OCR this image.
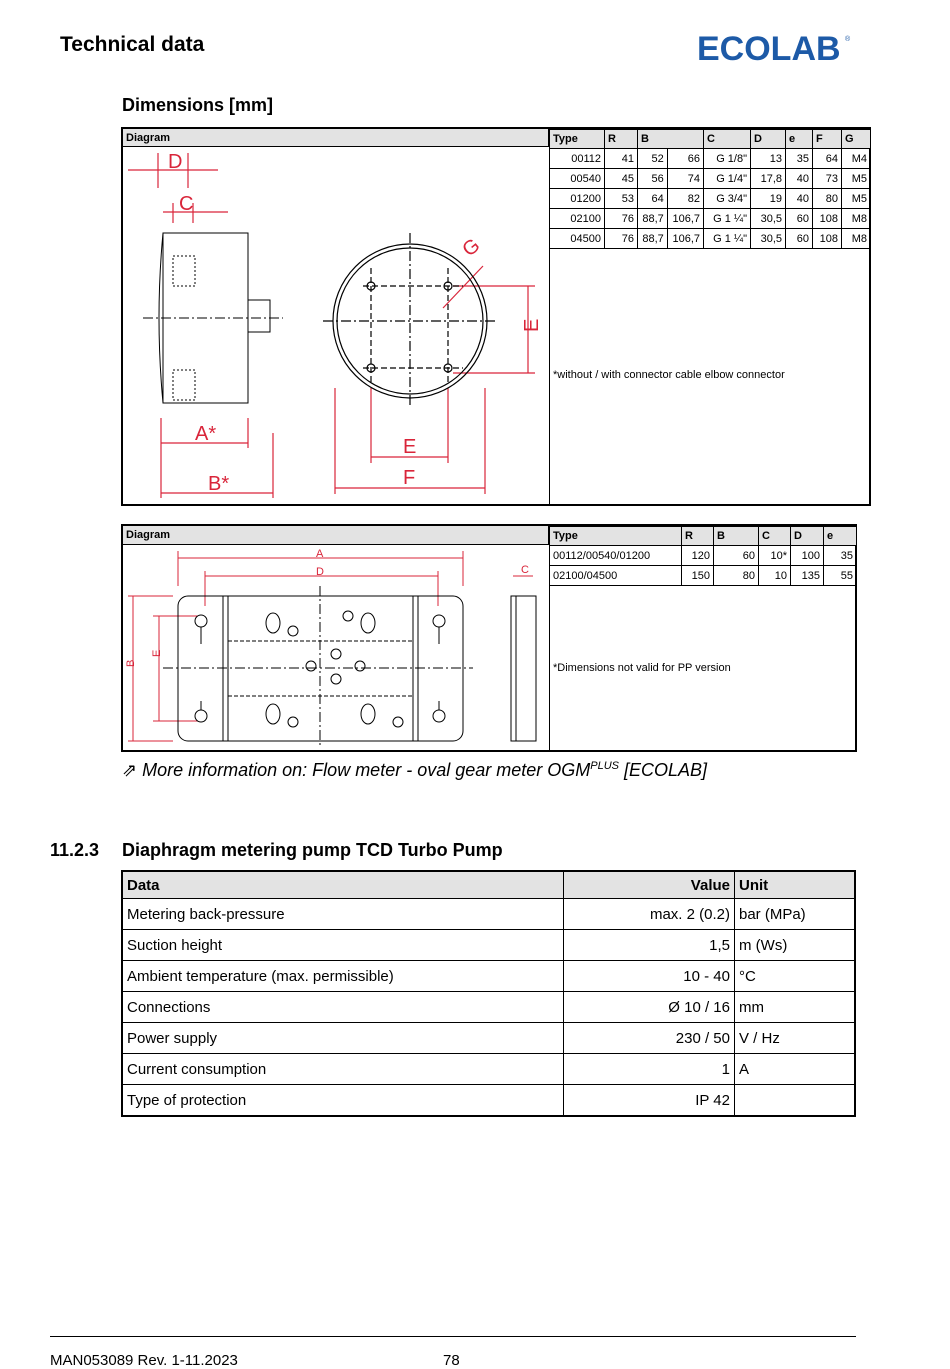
Technical data	ECOLAB ®
Dimensions [mm]
Diagram
D
C
A*
B*
E
F
G
E
Type	R	B		C	D	e	F	G
00112	41	52	66	G 1/8"	13	35	64	M4
00540	45	56	74	G 1/4"	17,8	40	73	M5
01200	53	64	82	G 3/4"	19	40	80	M5
02100	76	88,7	106,7	G 1 ¼"	30,5	60	108	M8
04500	76	88,7	106,7	G 1 ¼"	30,5	60	108	M8
*without / with connector cable elbow connector
Diagram
A
D	C
B
E
Type	R	B	C	D	e
00112/00540/01200	120	60	10*	100	35
02100/04500	150	80	10	135	55
*Dimensions not valid for PP version
⇗ More information on: Flow meter - oval gear meter $OGM^{PLUS}$ [ECOLAB]
11.2.3 Diaphragm metering pump TCD Turbo Pump
Data	Value	Unit
Metering back-pressure	max. 2 (0.2)	bar (MPa)
Suction height	1,5	m (Ws)
Ambient temperature (max. permissible)	10 - 40	°C
Connections	Ø 10 / 16	mm
Power supply	230 / 50	V / Hz
Current consumption	1	A
Type of protection	IP 42	
MAN053089 Rev. 1-11.2023	78
